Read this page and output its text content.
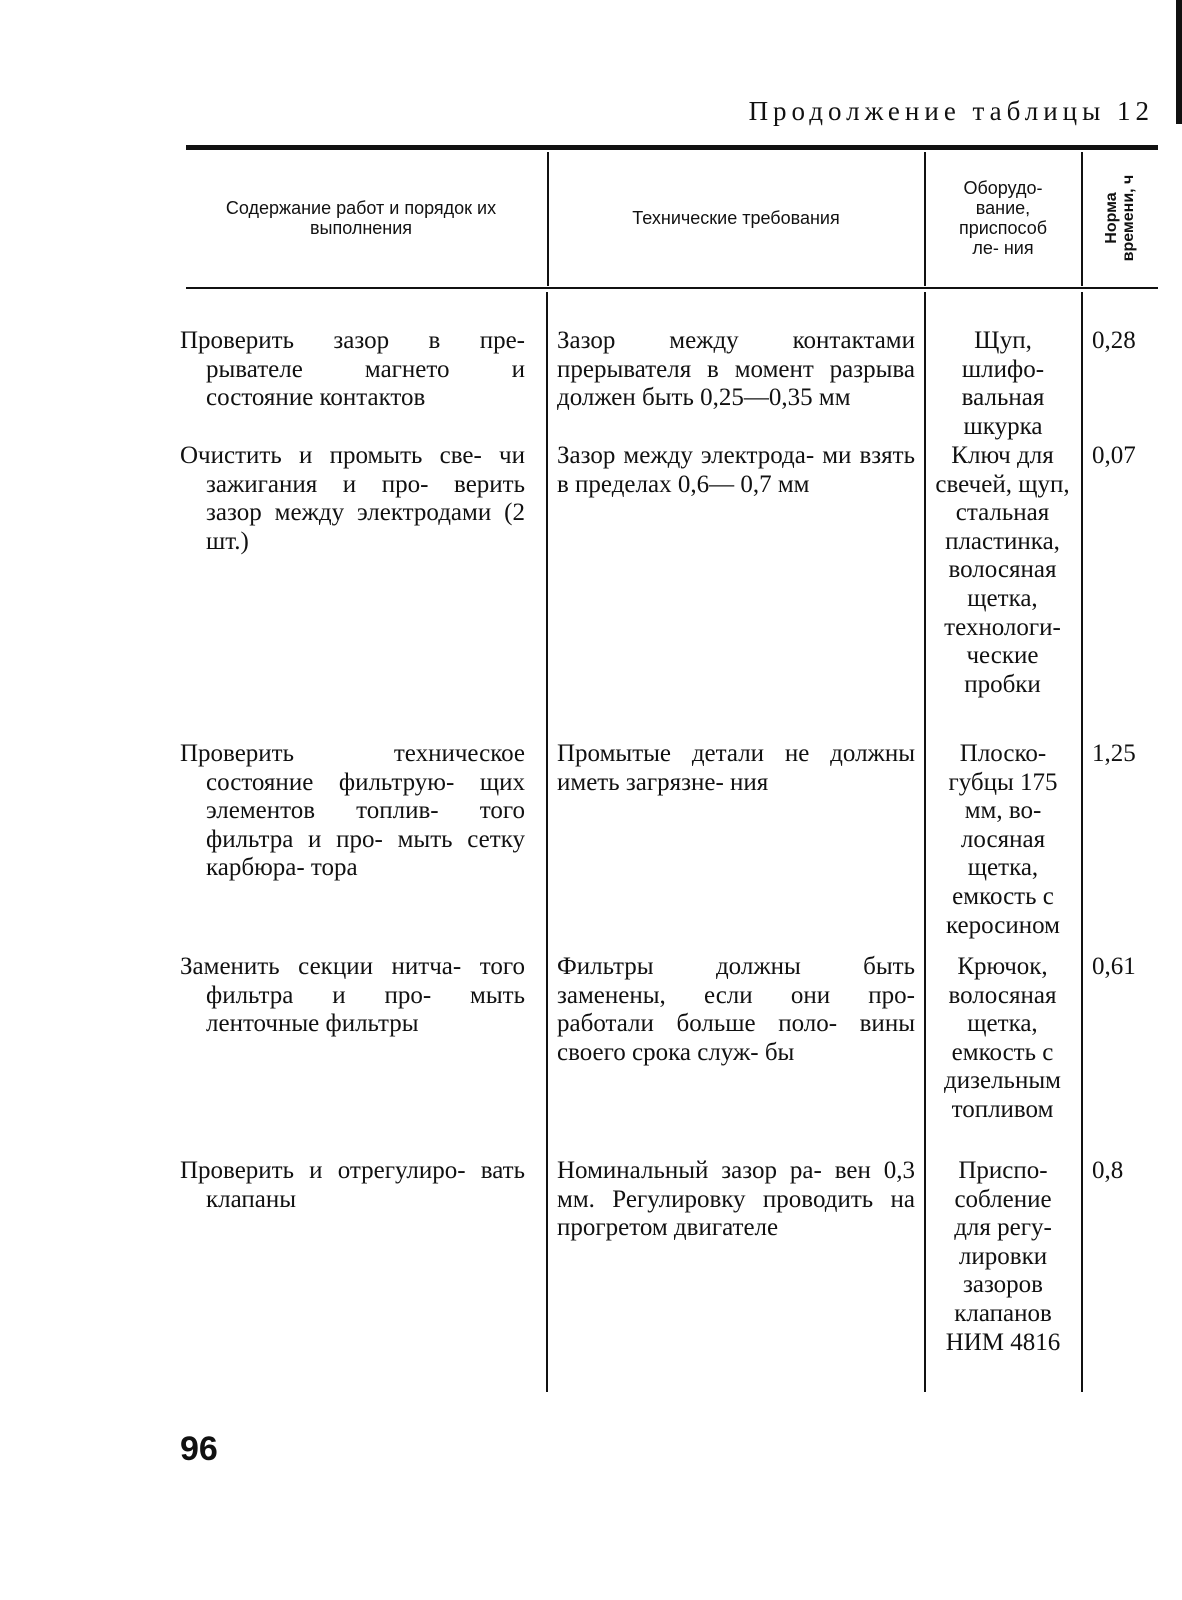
Продолжение таблицы 12
Содержание работ и порядок их выполнения	Технические требования
Оборудо- вание, приспособ ле- ния
Норма времени, ч
Проверить зазор в пре- рывателе магнето и состояние контактов
Зазор между контактами прерывателя в момент разрыва должен быть 0,25—0,35 мм
Щуп, шлифо- вальная шкурка
0,28
Очистить и промыть све- чи зажигания и про- верить зазор между электродами (2 шт.)
Зазор между электрода- ми взять в пределах 0,6— 0,7 мм
Ключ для свечей, щуп, стальная пластинка, волосяная щетка, технологи- ческие пробки
0,07
Проверить техническое состояние фильтрую- щих элементов топлив- того фильтра и про- мыть сетку карбюра- тора
Промытые детали не должны иметь загрязне- ния
Плоско- губцы 175 мм, во- лосяная щетка, емкость с керосином
1,25
Заменить секции нитча- того фильтра и про- мыть ленточные фильтры
Фильтры должны быть заменены, если они про- работали больше поло- вины своего срока служ- бы
Крючок, волосяная щетка, емкость с дизельным топливом
0,61
Проверить и отрегулиро- вать клапаны
Номинальный зазор ра- вен 0,3 мм. Регулировку проводить на прогретом двигателе
Приспо- собление для регу- лировки зазоров клапанов НИМ 4816
0,8
96
